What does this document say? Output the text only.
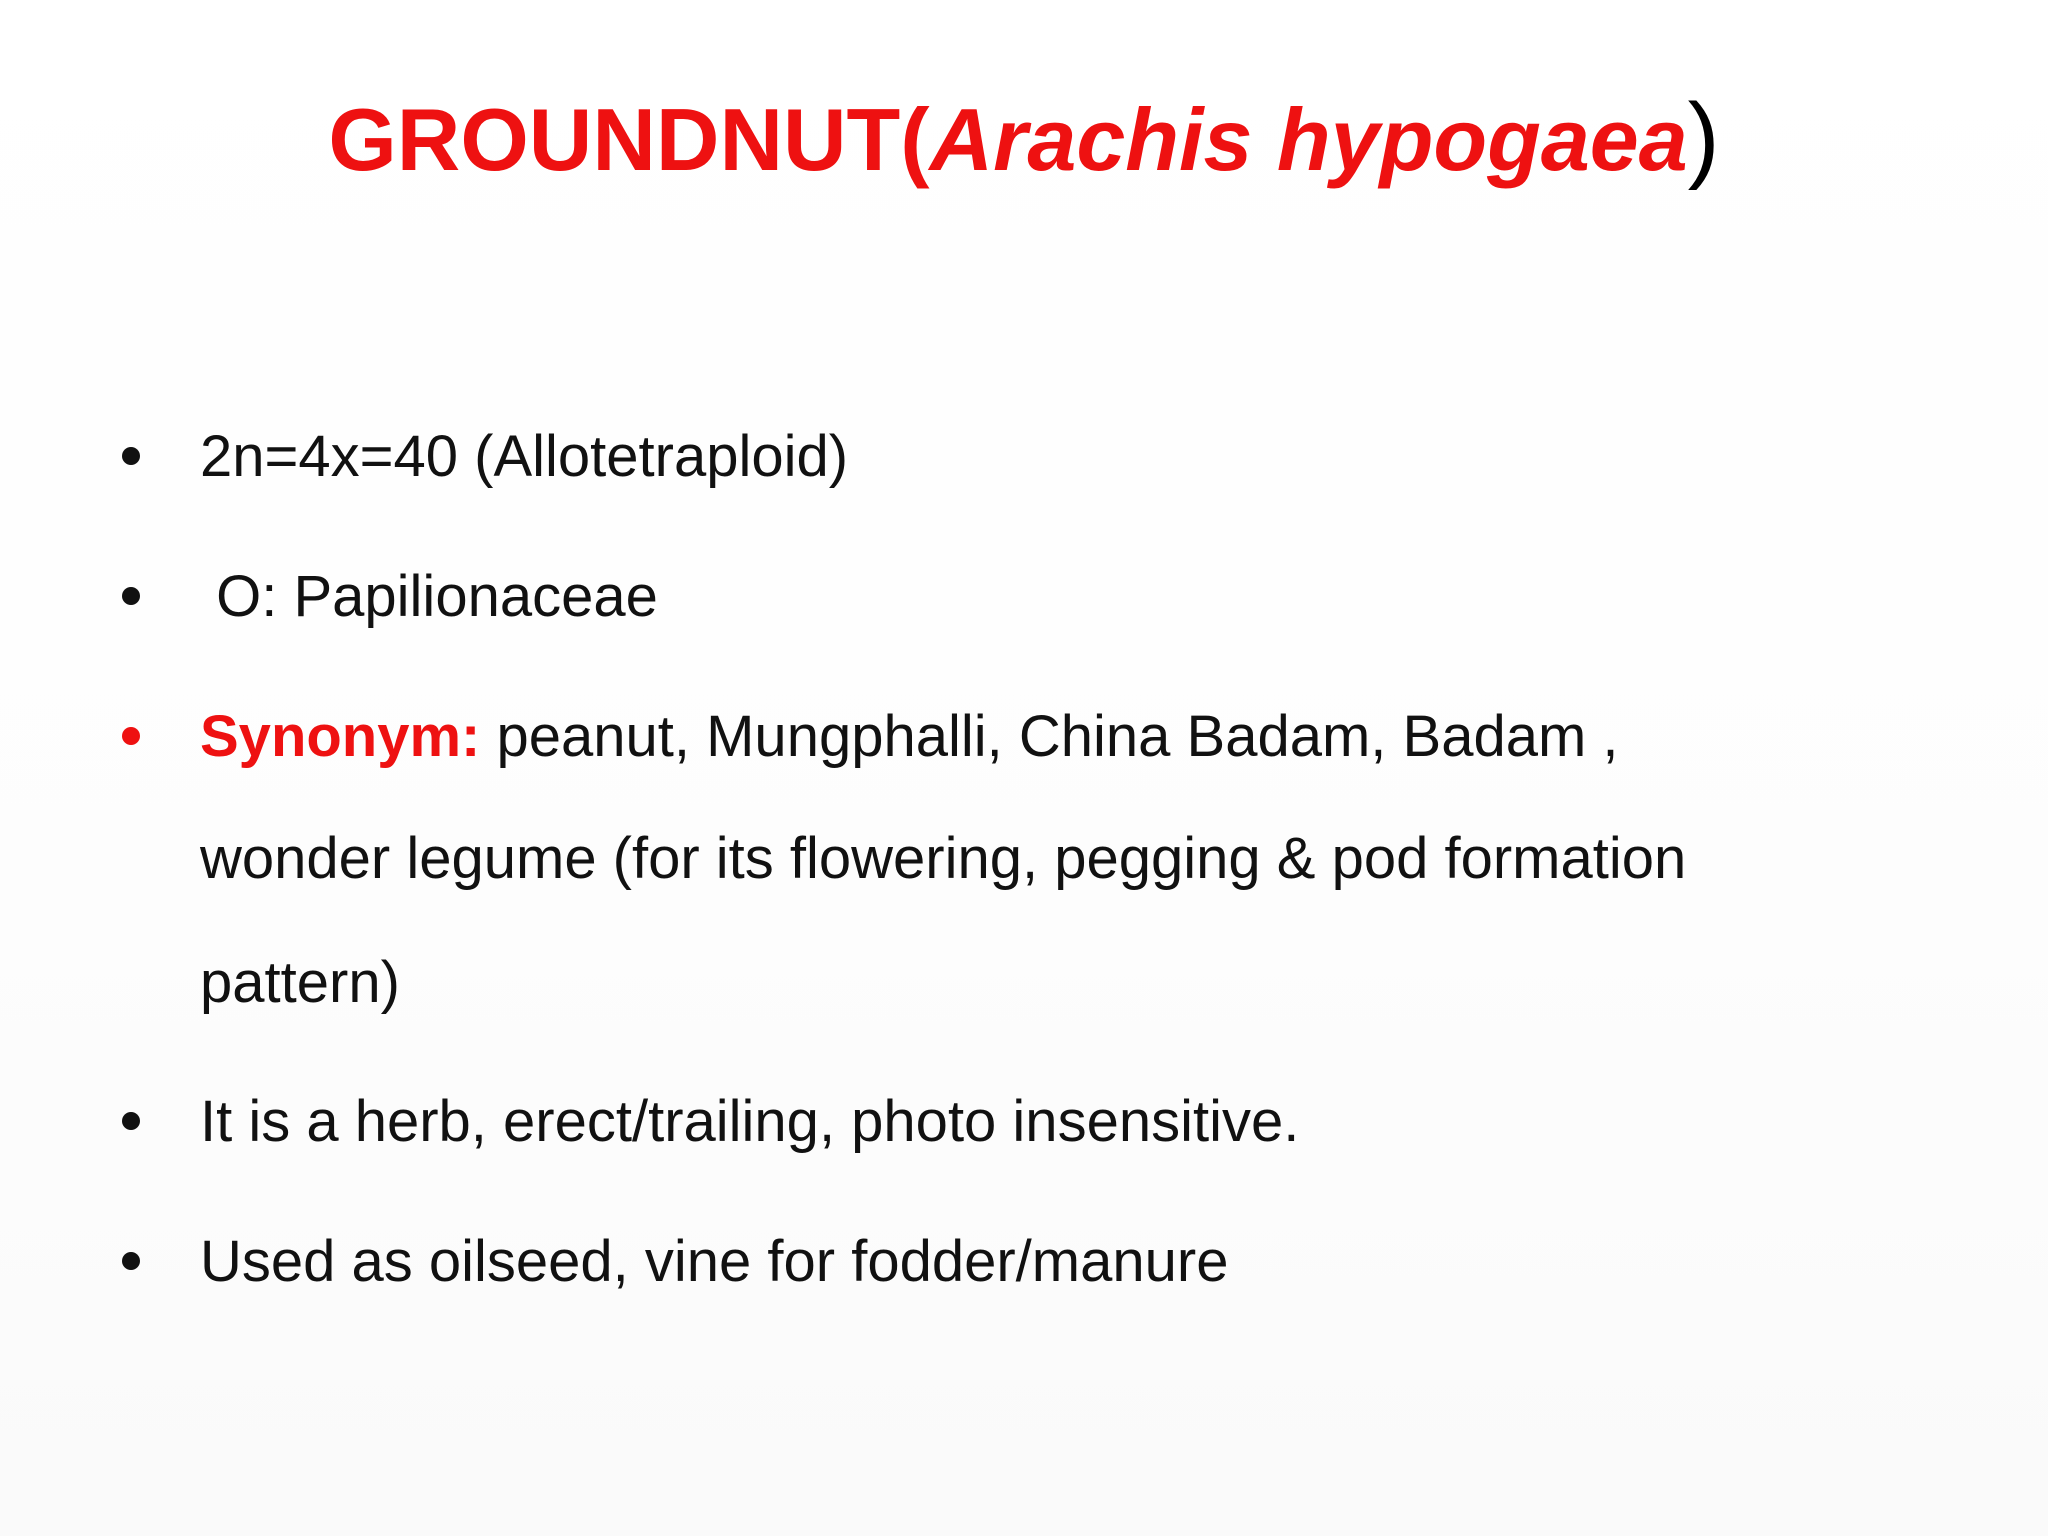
GROUNDNUT(Arachis hypogaea)
2n=4x=40 (Allotetraploid)
O: Papilionaceae
Synonym: peanut, Mungphalli, China Badam, Badam ,
wonder legume (for its flowering, pegging & pod formation
pattern)
It is a herb, erect/trailing, photo insensitive.
Used as oilseed, vine for fodder/manure
